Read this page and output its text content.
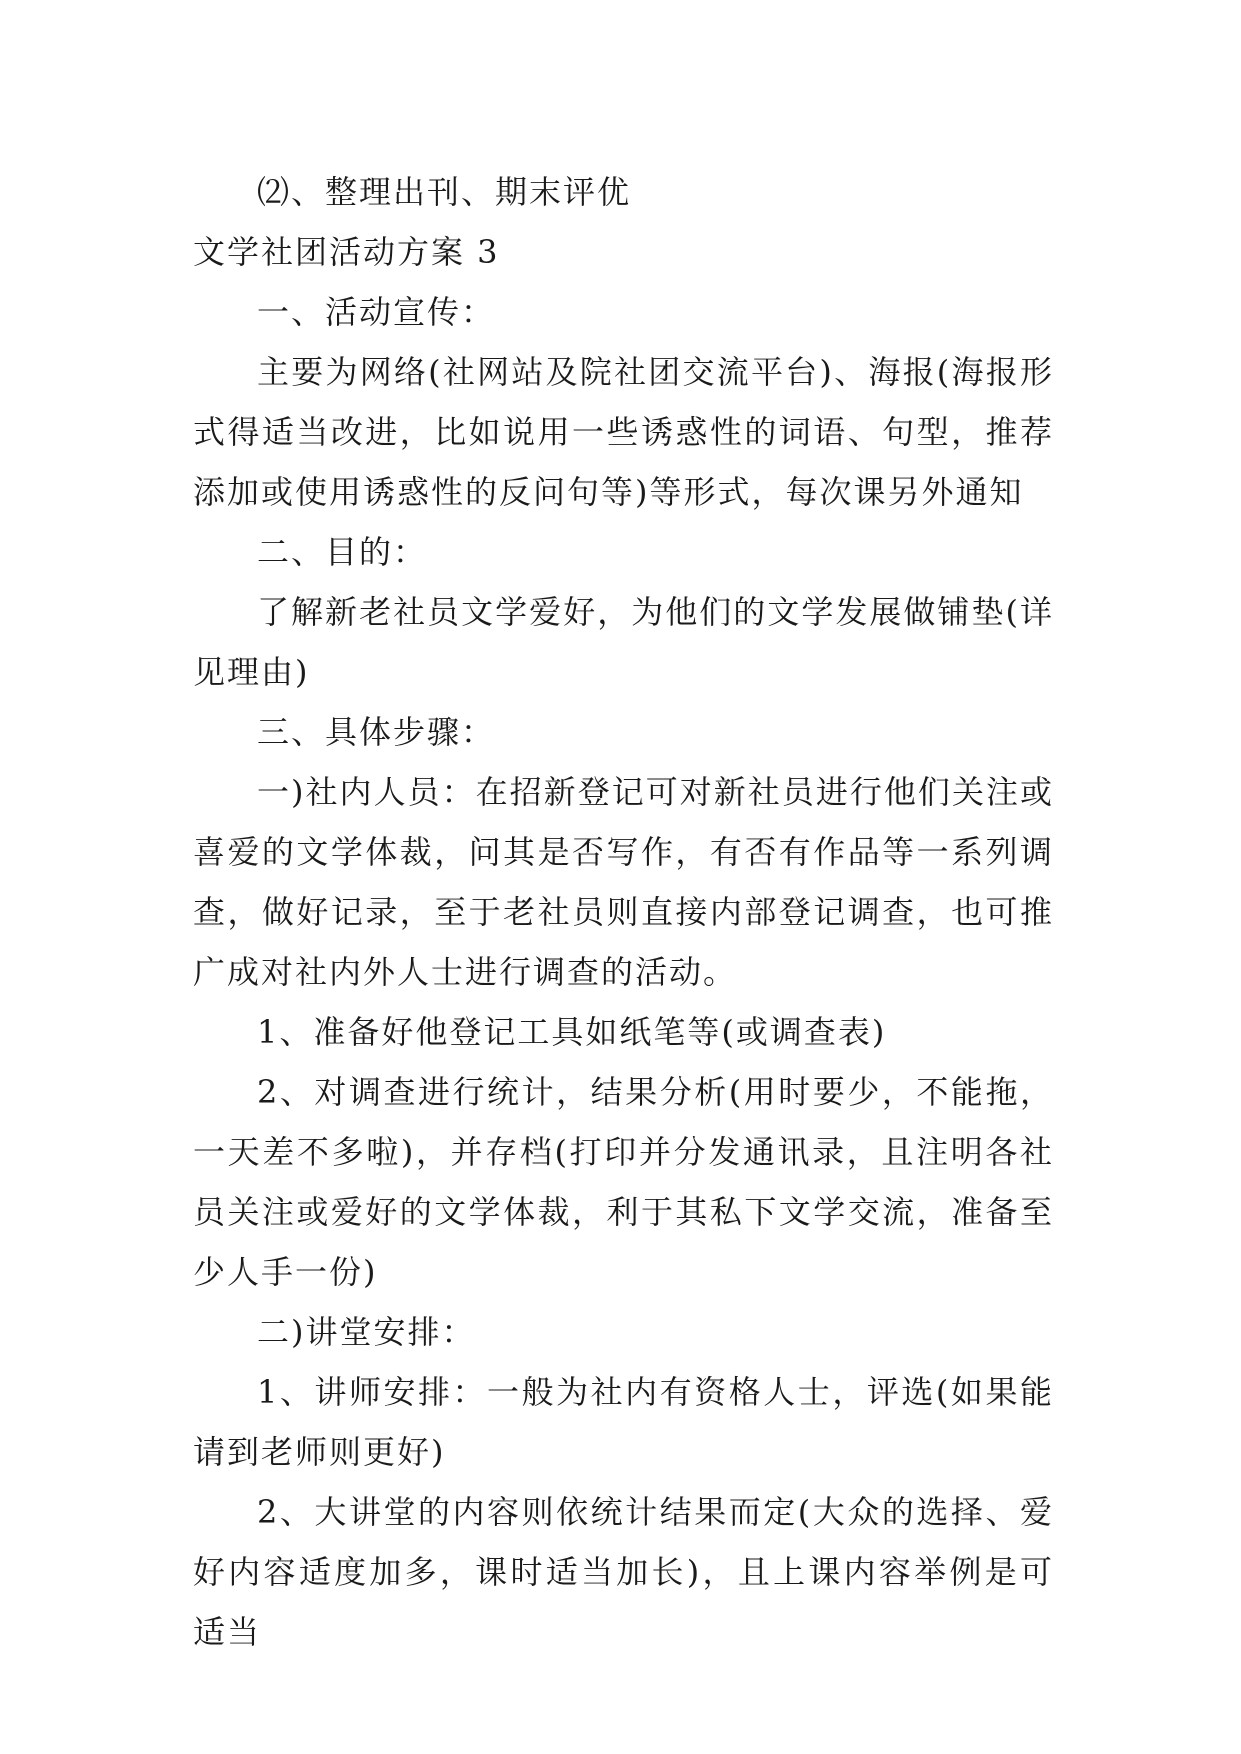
⑵、整理出刊、期末评优

文学社团活动方案 3

一、活动宣传：

主要为网络(社网站及院社团交流平台)、海报(海报形式得适当改进，比如说用一些诱惑性的词语、句型，推荐添加或使用诱惑性的反问句等)等形式，每次课另外通知

二、目的：

了解新老社员文学爱好，为他们的文学发展做铺垫(详见理由)

三、具体步骤：

一)社内人员：在招新登记可对新社员进行他们关注或喜爱的文学体裁，问其是否写作，有否有作品等一系列调查，做好记录，至于老社员则直接内部登记调查，也可推广成对社内外人士进行调查的活动。

1、准备好他登记工具如纸笔等(或调查表)

2、对调查进行统计，结果分析(用时要少，不能拖，一天差不多啦)，并存档(打印并分发通讯录，且注明各社员关注或爱好的文学体裁，利于其私下文学交流，准备至少人手一份)

二)讲堂安排：

1、讲师安排：一般为社内有资格人士，评选(如果能请到老师则更好)

2、大讲堂的内容则依统计结果而定(大众的选择、爱好内容适度加多，课时适当加长)，且上课内容举例是可适当
